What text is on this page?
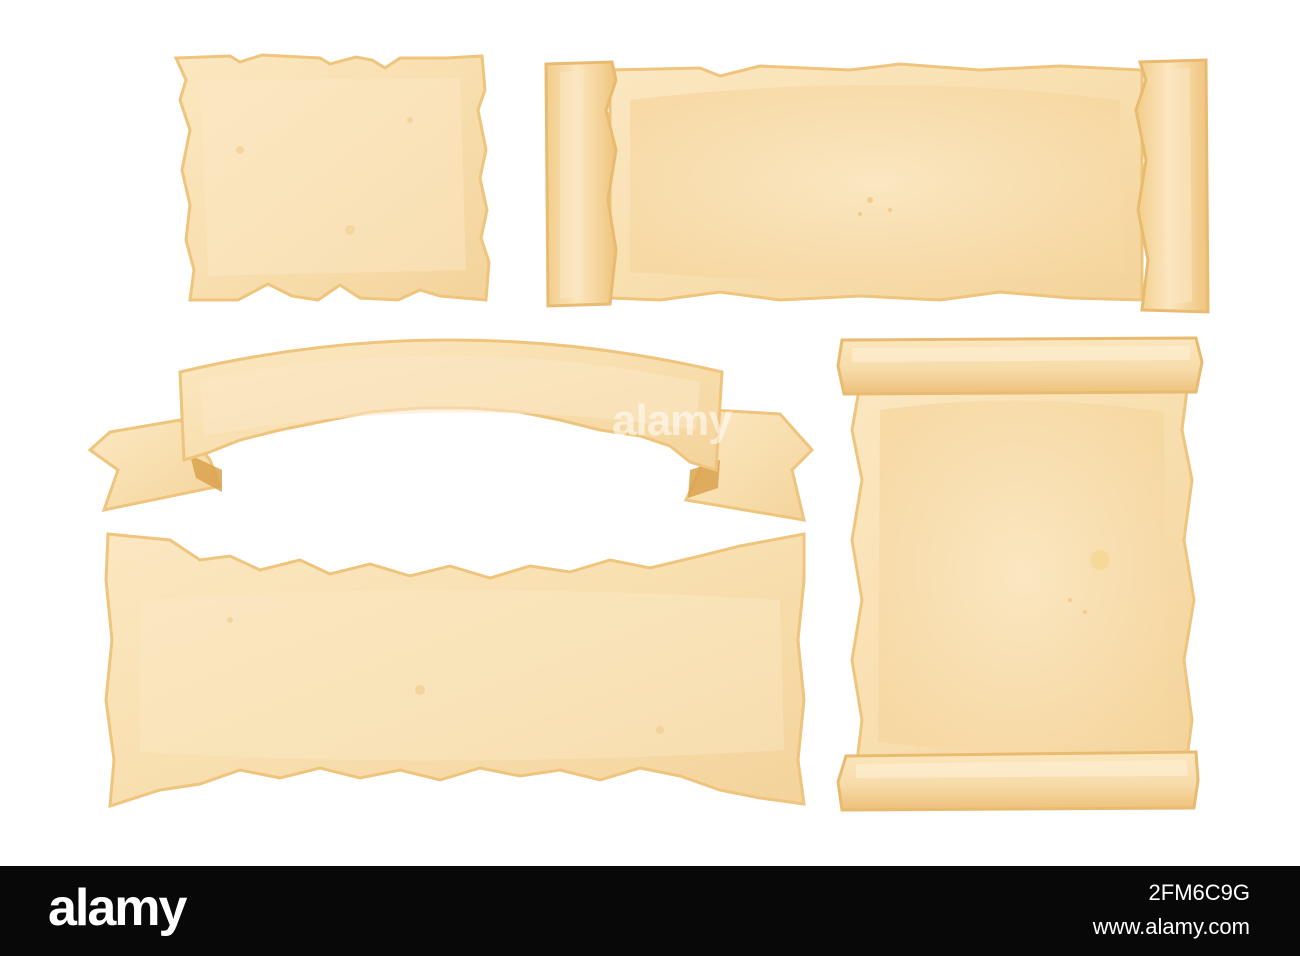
alamy
alamy	2FM6C9G
www.alamy.com
